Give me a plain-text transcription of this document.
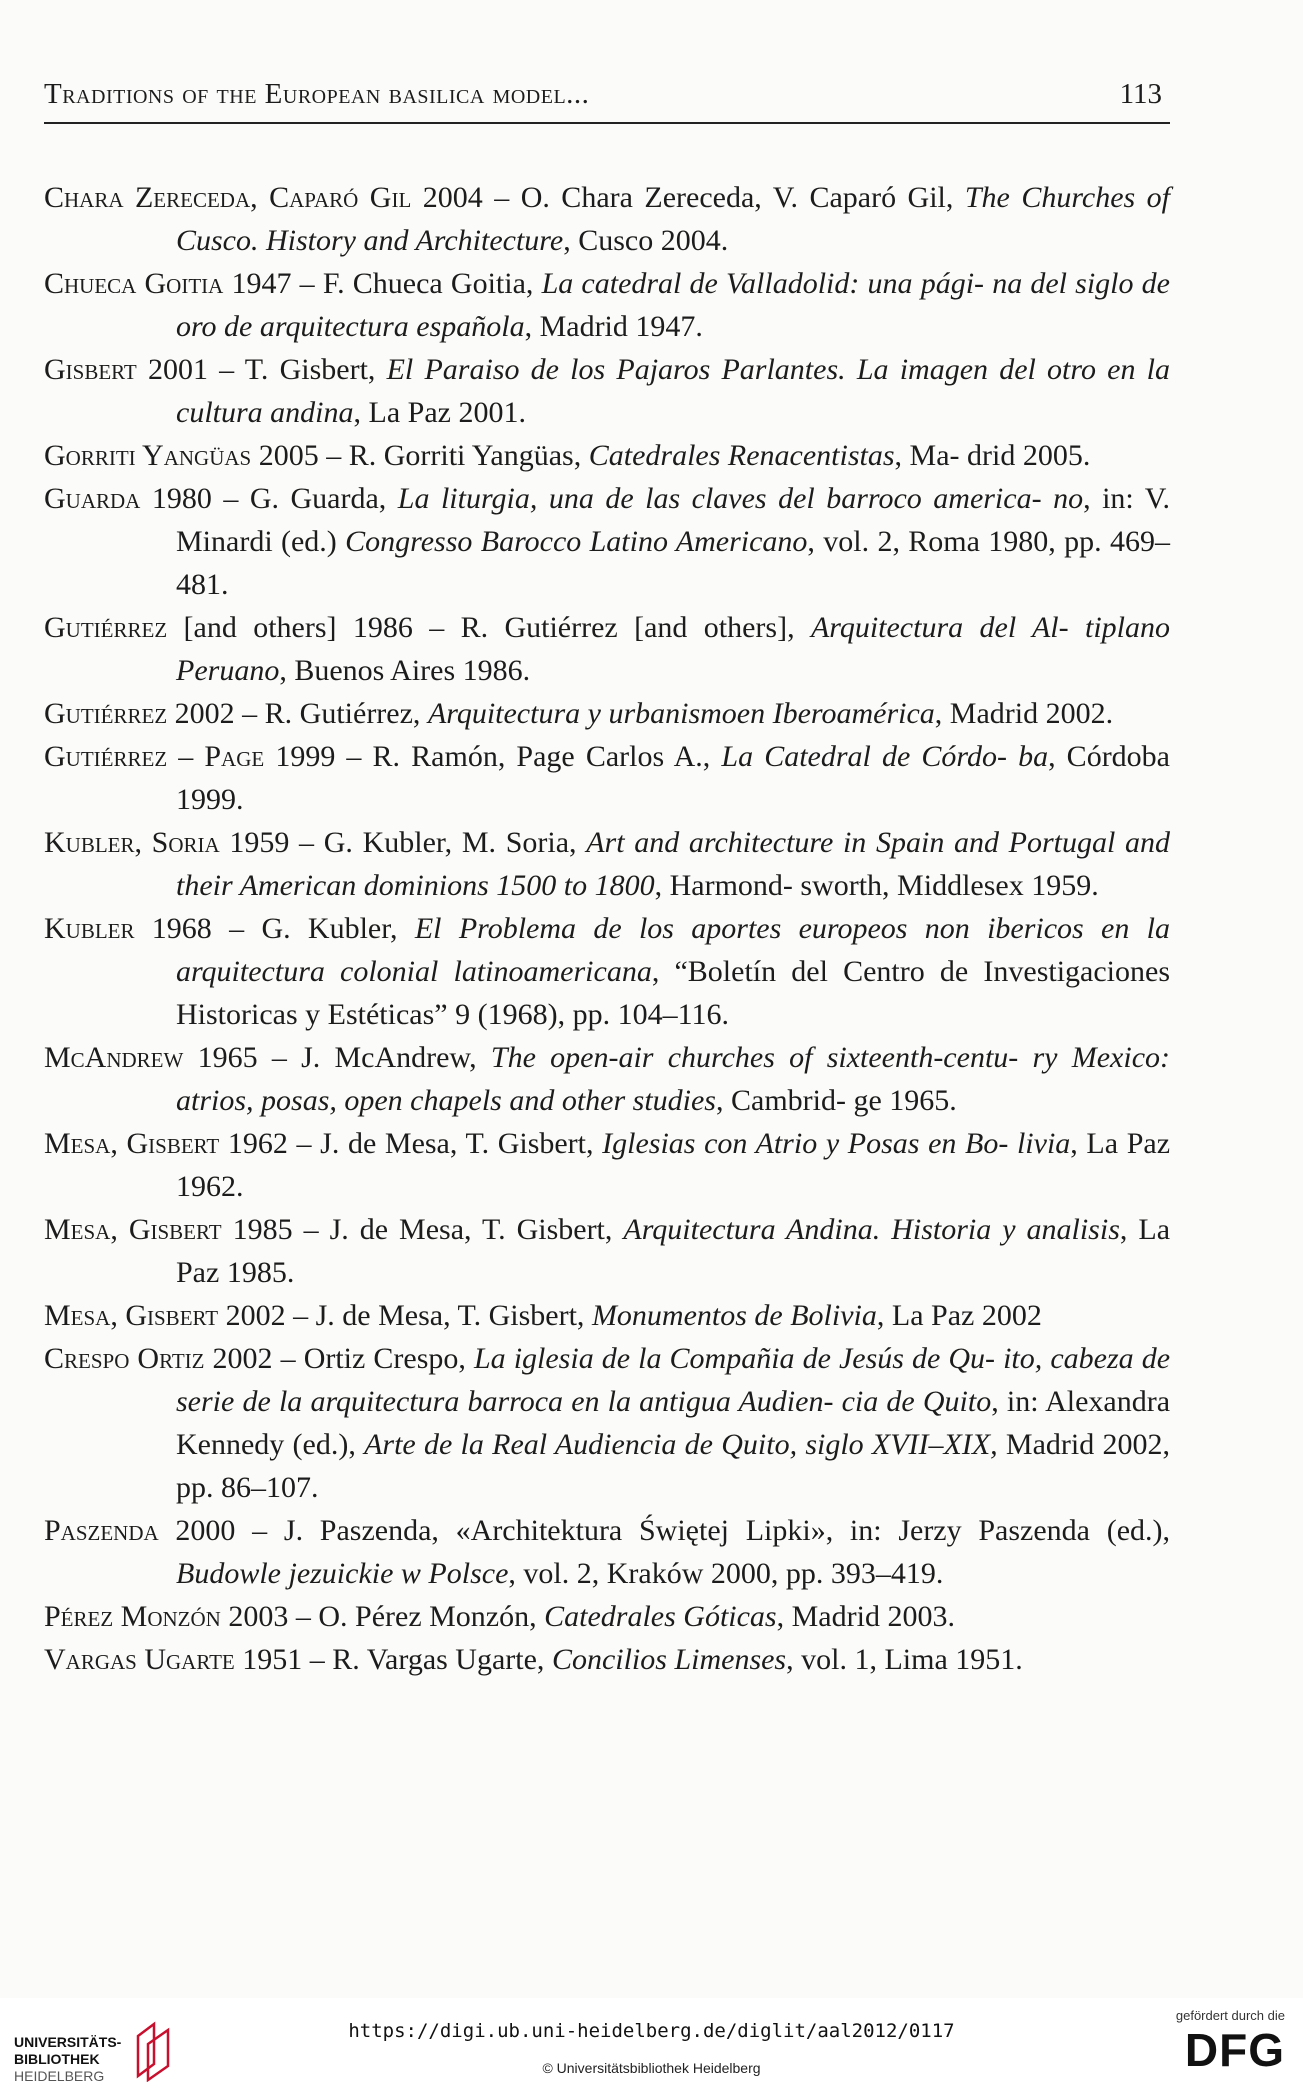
Traditions of the European basilica model...	113

Chara Zereceda, Caparó Gil 2004 – O. Chara Zereceda, V. Caparó Gil, The Churches of Cusco. History and Architecture, Cusco 2004.

Chueca Goitia 1947 – F. Chueca Goitia, La catedral de Valladolid: una pági- na del siglo de oro de arquitectura española, Madrid 1947.

Gisbert 2001 – T. Gisbert, El Paraiso de los Pajaros Parlantes. La imagen del otro en la cultura andina, La Paz 2001.

Gorriti Yangüas 2005 – R. Gorriti Yangüas, Catedrales Renacentistas, Ma- drid 2005.

Guarda 1980 – G. Guarda, La liturgia, una de las claves del barroco america- no, in: V. Minardi (ed.) Congresso Barocco Latino Americano, vol. 2, Roma 1980, pp. 469–481.

Gutiérrez [and others] 1986 – R. Gutiérrez [and others], Arquitectura del Al- tiplano Peruano, Buenos Aires 1986.

Gutiérrez 2002 – R. Gutiérrez, Arquitectura y urbanismoen Iberoamérica, Madrid 2002.

Gutiérrez – Page 1999 – R. Ramón, Page Carlos A., La Catedral de Córdo- ba, Córdoba 1999.

Kubler, Soria 1959 – G. Kubler, M. Soria, Art and architecture in Spain and Portugal and their American dominions 1500 to 1800, Harmond- sworth, Middlesex 1959.

Kubler 1968 – G. Kubler, El Problema de los aportes europeos non ibericos en la arquitectura colonial latinoamericana, “Boletín del Centro de Investigaciones Historicas y Estéticas” 9 (1968), pp. 104–116.

McAndrew 1965 – J. McAndrew, The open-air churches of sixteenth-centu- ry Mexico: atrios, posas, open chapels and other studies, Cambrid- ge 1965.

Mesa, Gisbert 1962 – J. de Mesa, T. Gisbert, Iglesias con Atrio y Posas en Bo- livia, La Paz 1962.

Mesa, Gisbert 1985 – J. de Mesa, T. Gisbert, Arquitectura Andina. Historia y analisis, La Paz 1985.

Mesa, Gisbert 2002 – J. de Mesa, T. Gisbert, Monumentos de Bolivia, La Paz 2002

Crespo Ortiz 2002 – Ortiz Crespo, La iglesia de la Compañia de Jesús de Qu- ito, cabeza de serie de la arquitectura barroca en la antigua Audien- cia de Quito, in: Alexandra Kennedy (ed.), Arte de la Real Audiencia de Quito, siglo XVII–XIX, Madrid 2002, pp. 86–107.

Paszenda 2000 – J. Paszenda, «Architektura Świętej Lipki», in: Jerzy Paszenda (ed.), Budowle jezuickie w Polsce, vol. 2, Kraków 2000, pp. 393–419.

Pérez Monzón 2003 – O. Pérez Monzón, Catedrales Góticas, Madrid 2003.

Vargas Ugarte 1951 – R. Vargas Ugarte, Concilios Limenses, vol. 1, Lima 1951.

UNIVERSITÄTS-
BIBLIOTHEK
HEIDELBERG
https://digi.ub.uni-heidelberg.de/diglit/aal2012/0117
© Universitätsbibliothek Heidelberg
gefördert durch die
DFG
